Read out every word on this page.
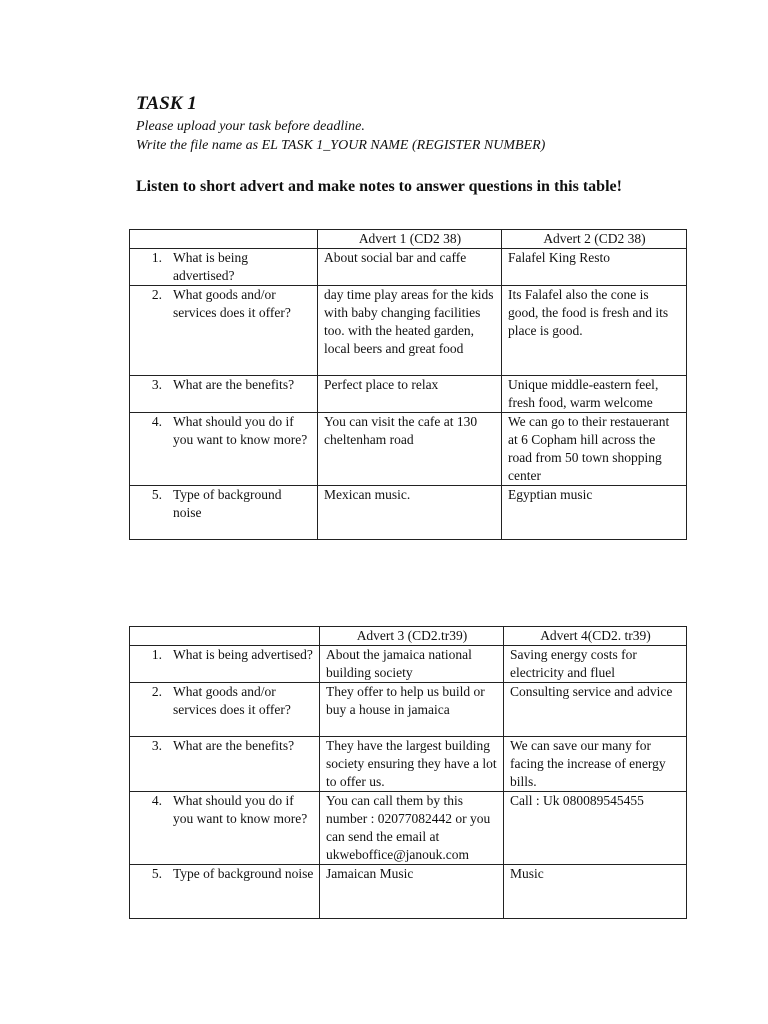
TASK 1
Please upload your task before deadline.
Write the file name as EL TASK 1_YOUR NAME (REGISTER NUMBER)
Listen to short advert and make notes to answer questions in this table!
	Advert 1 (CD2 38)	Advert 2 (CD2 38)

1. What is being advertised?	About social bar and caffe	Falafel King Resto

2. What goods and/or services does it offer?	day time play areas for the kids with baby changing facilities too. with the heated garden, local beers and great food	Its Falafel also the cone is good, the food is fresh and its place is good.

3. What are the benefits?	Perfect place to relax	Unique middle-eastern feel, fresh food, warm welcome

4. What should you do if you want to know more?	You can visit the cafe at 130 cheltenham road	We can go to their restauerant at 6 Copham hill across the road from 50 town shopping center

5. Type of background noise	Mexican music.	Egyptian music
	Advert 3 (CD2.tr39)	Advert 4(CD2. tr39)

1. What is being advertised?	About the jamaica national building society	Saving energy costs for electricity and fluel

2. What goods and/or services does it offer?	They offer to help us build or buy a house in jamaica	Consulting service and advice

3. What are the benefits?	They have the largest building society ensuring they have a lot to offer us.	We can save our many for facing the increase of energy bills.

4. What should you do if you want to know more?	You can call them by this number : 02077082442 or you can send the email at ukweboffice@janouk.com	Call : Uk 080089545455

5. Type of background noise	Jamaican Music	Music
